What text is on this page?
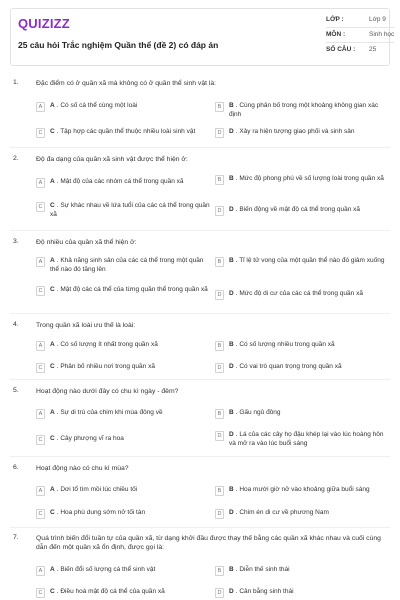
QUIZIZZ
25 câu hỏi Trắc nghiệm Quần thể (đề 2) có đáp án
LỚP :	Lớp 9
MÔN :	Sinh học
SỐ CÂU : 25
1.	Đặc điểm có ở quần xã mà không có ở quần thể sinh vật là:
A	A . Có số cá thể cùng một loài	B	B . Cùng phân bố trong một khoảng không gian xác định
C	C . Tập hợp các quần thể thuộc nhiều loài sinh vật	D	D . Xảy ra hiện tượng giao phối và sinh sản
2.	Độ đa dạng của quần xã sinh vật được thể hiện ở:
A	A . Mật độ của các nhóm cá thể trong quần xã	B	B . Mức độ phong phú về số lượng loài trong quần xã
C	C . Sự khác nhau về lứa tuổi của các cá thể trong quần xã	D	D . Biến động về mật độ cá thể trong quần xã
3.	Độ nhiều của quần xã thể hiện ở:
A	A . Khả năng sinh sản của các cá thể trong một quần thể nào đó tăng lên
B	B . Tỉ lệ tử vong của một quần thể nào đó giảm xuống
C	C . Mật độ các cá thể của từng quần thể trong quần xã
D	D . Mức độ di cư của các cá thể trong quần xã
4.	Trong quần xã loài ưu thế là loài:
A	A . Có số lượng ít nhất trong quần xã	B	B . Có số lượng nhiều trong quần xã
C	C . Phân bố nhiều nơi trong quần xã	D	D . Có vai trò quan trọng trong quần xã
5.	Hoạt động nào dưới đây có chu kì ngày - đêm?
A	A . Sự di trú của chim khi mùa đông về	B	B . Gấu ngủ đông
C	C . Cây phượng vĩ ra hoa	D	D . Lá của các cây họ đậu khép lại vào lúc hoàng hôn và mở ra vào lúc buổi sáng
6.	Hoạt động nào có chu kì mùa?
A	A . Dơi tổ tìm mồi lúc chiều tối	B	B . Hoa mười giờ nở vào khoảng giữa buổi sáng
C	C . Hoa phù dung sớm nở tối tàn	D	D . Chim én di cư về phương Nam
7.	Quá trình biến đổi tuần tự của quần xã, từ dạng khởi đầu được thay thế bằng các quần xã khác nhau và cuối cùng dẫn đến một quần xã ổn định, được gọi là:
A	A . Biến đổi số lượng cá thể sinh vật	B	B . Diễn thế sinh thái
C	C . Điều hoà mật độ cá thể của quần xã	D	D . Cân bằng sinh thái
